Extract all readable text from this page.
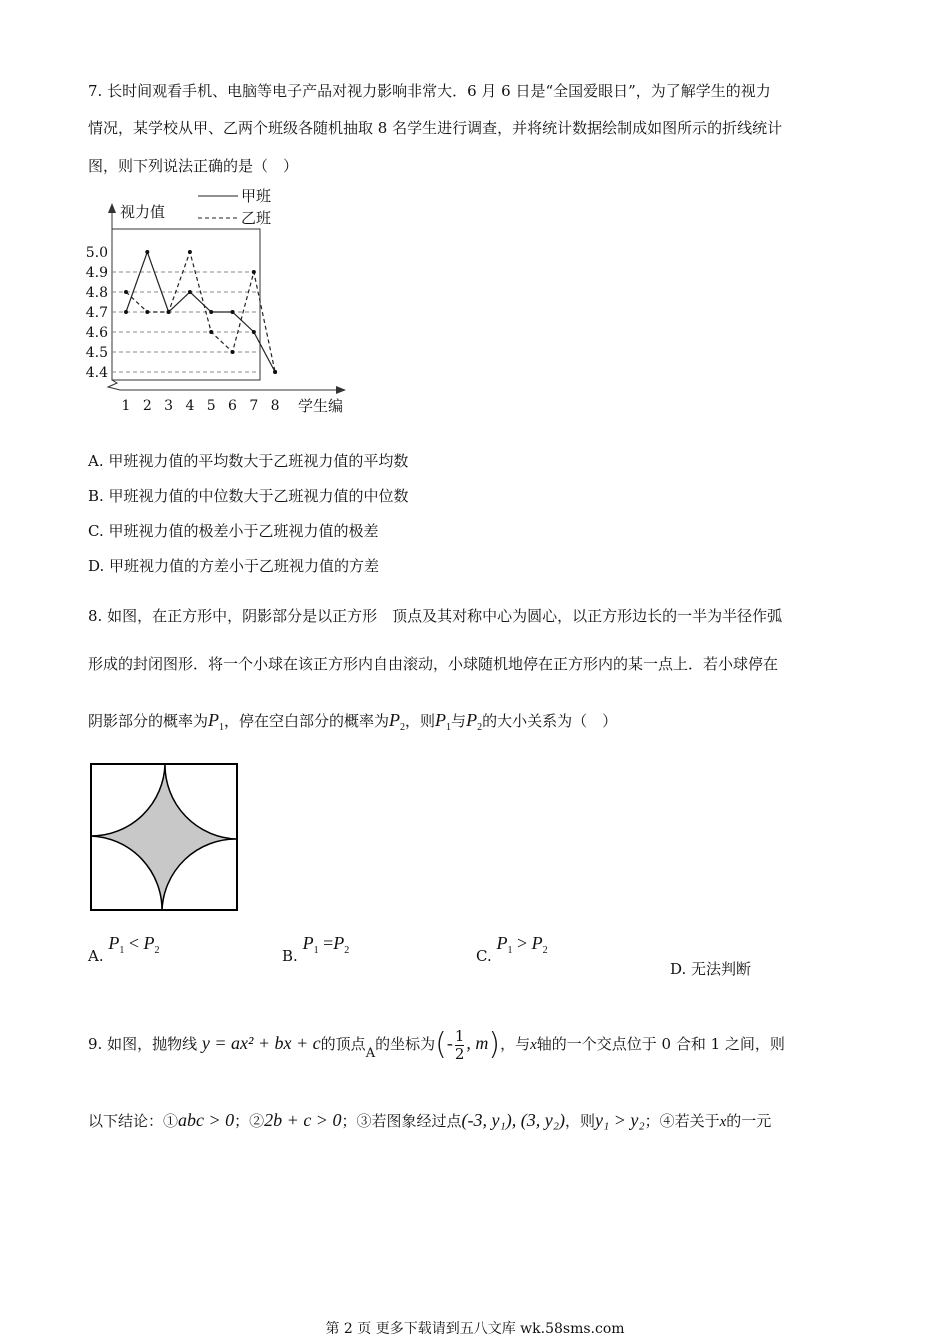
7. 长时间观看手机、电脑等电子产品对视力影响非常大．6 月 6 日是“全国爱眼日”，为了解学生的视力
情况，某学校从甲、乙两个班级各随机抽取 8 名学生进行调查，并将统计数据绘制成如图所示的折线统计
图，则下列说法正确的是（　）
5.0
4.9
4.8
4.7
4.6
4.5
4.4
1 2 3 4 5 6 7 8
视力值
学生编
甲班
乙班
A. 甲班视力值的平均数大于乙班视力值的平均数
B. 甲班视力值的中位数大于乙班视力值的中位数
C. 甲班视力值的极差小于乙班视力值的极差
D. 甲班视力值的方差小于乙班视力值的方差
8. 如图，在正方形中，阴影部分是以正方形　顶点及其对称中心为圆心，以正方形边长的一半为半径作弧
形成的封闭图形．将一个小球在该正方形内自由滚动，小球随机地停在正方形内的某一点上．若小球停在
阴影部分的概率为$P_1$，停在空白部分的概率为$P_2$，则$P_1$与$P_2$的大小关系为（　）
A. $P_1 < P_2$	B. $P_1 =P_2$	C. $P_1 > P_2$
D. 无法判断
9. 如图，抛物线 y = ax² + bx + c的顶点A的坐标为(- $\frac{1}{2}$ , m)，与x轴的一个交点位于 0 合和 1 之间，则
以下结论：①abc > 0；②2b + c > 0；③若图象经过点(-3, y₁), (3, y₂)，则y₁ > y₂；④若关于x的一元
第 2 页 更多下载请到五八文库 wk.58sms.com
